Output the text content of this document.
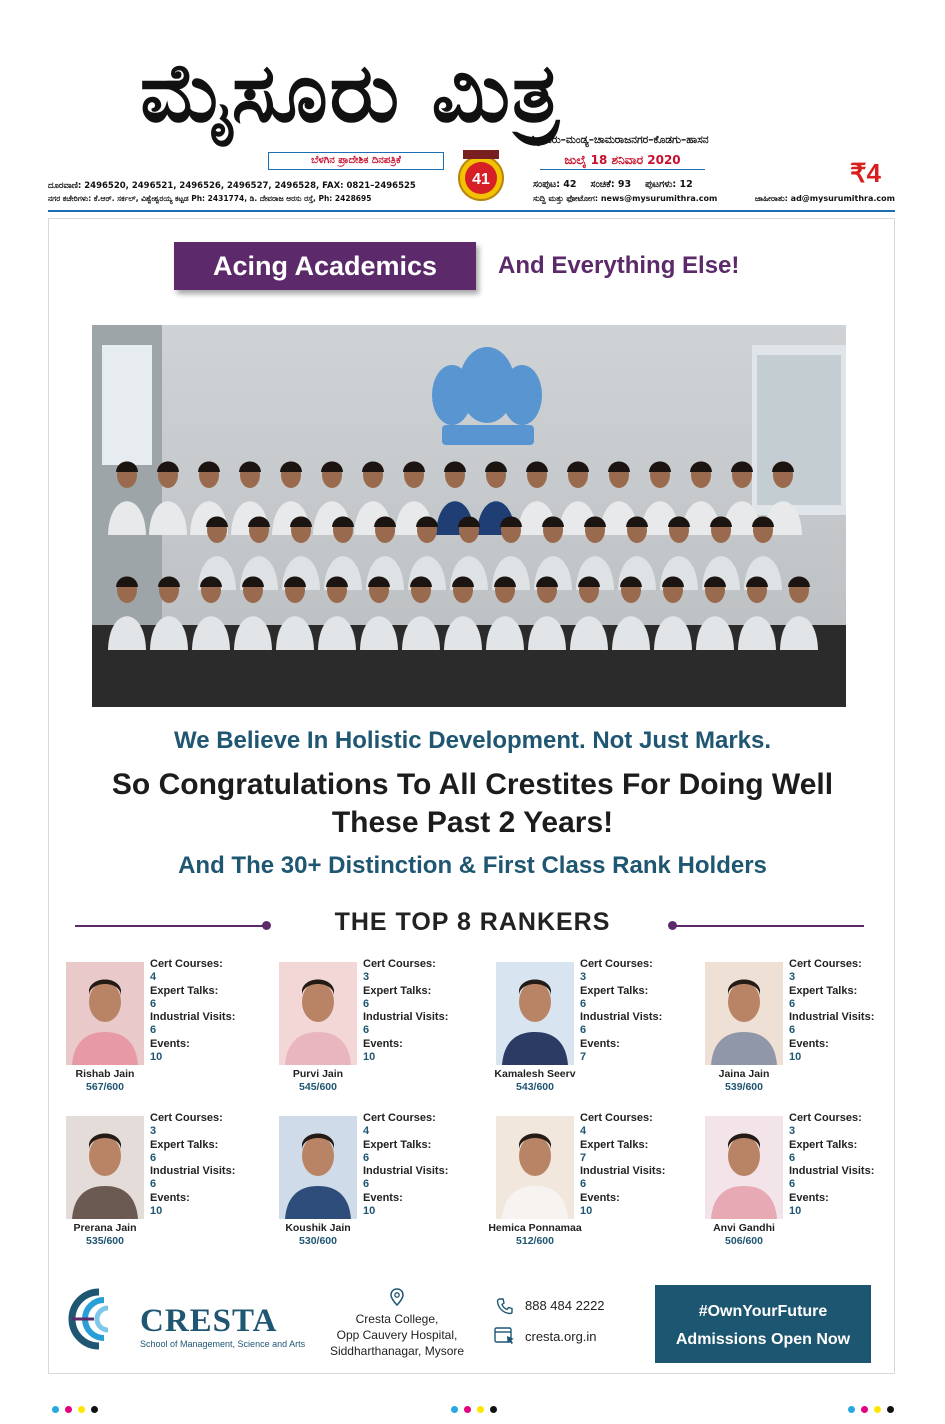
ಮೈಸೂರು ಮಿತ್ರ
ಮೈಸೂರು–ಮಂಡ್ಯ–ಚಾಮರಾಜನಗರ–ಕೊಡಗು–ಹಾಸನ
ಬೆಳಗಿನ ಪ್ರಾದೇಶಿಕ ದಿನಪತ್ರಿಕೆ
41
ಜುಲೈ 18 ಶನಿವಾರ 2020	₹4
ದೂರವಾಣಿ: 2496520, 2496521, 2496526, 2496527, 2496528, FAX: 0821–2496525
ನಗರ ಕಚೇರಿಗಳು: ಕೆ.ಆರ್. ಸರ್ಕಲ್, ವಿಶ್ವೇಶ್ವರಯ್ಯ ಕಟ್ಟಡ Ph: 2431774, ಡಿ. ದೇವರಾಜ ಅರಸು ರಸ್ತೆ, Ph: 2428695
ಸಂಪುಟ: 42 ಸಂಚಿಕೆ: 93 ಪುಟಗಳು: 12
ಸುದ್ದಿ ಮತ್ತು ಫೋಟೋಗ: news@mysurumithra.com	ಜಾಹೀರಾತು: ad@mysurumithra.com
Acing Academics	And Everything Else!
We Believe In Holistic Development. Not Just Marks.
So Congratulations To All Crestites For Doing Well
These Past 2 Years!
And The 30+ Distinction & First Class Rank Holders
THE TOP 8 RANKERS
Cert Courses:
4
Expert Talks:
6
Industrial Visits:
6
Events:
10
Rishab Jain
567/600
Cert Courses:
3
Expert Talks:
6
Industrial Visits:
6
Events:
10
Purvi Jain
545/600
Cert Courses:
3
Expert Talks:
6
Industrial Vists:
6
Events:
7
Kamalesh Seerv
543/600
Cert Courses:
3
Expert Talks:
6
Industrial Visits:
6
Events:
10
Jaina Jain
539/600
Cert Courses:
3
Expert Talks:
6
Industrial Visits:
6
Events:
10
Prerana Jain
535/600
Cert Courses:
4
Expert Talks:
6
Industrial Visits:
6
Events:
10
Koushik Jain
530/600
Cert Courses:
4
Expert Talks:
7
Industrial Visits:
6
Events:
10
Hemica Ponnamaa
512/600
Cert Courses:
3
Expert Talks:
6
Industrial Visits:
6
Events:
10
Anvi Gandhi
506/600
CRESTA
School of Management, Science and Arts
Cresta College,
Opp Cauvery Hospital,
Siddharthanagar, Mysore
888 484 2222
cresta.org.in
#OwnYourFuture
Admissions Open Now
